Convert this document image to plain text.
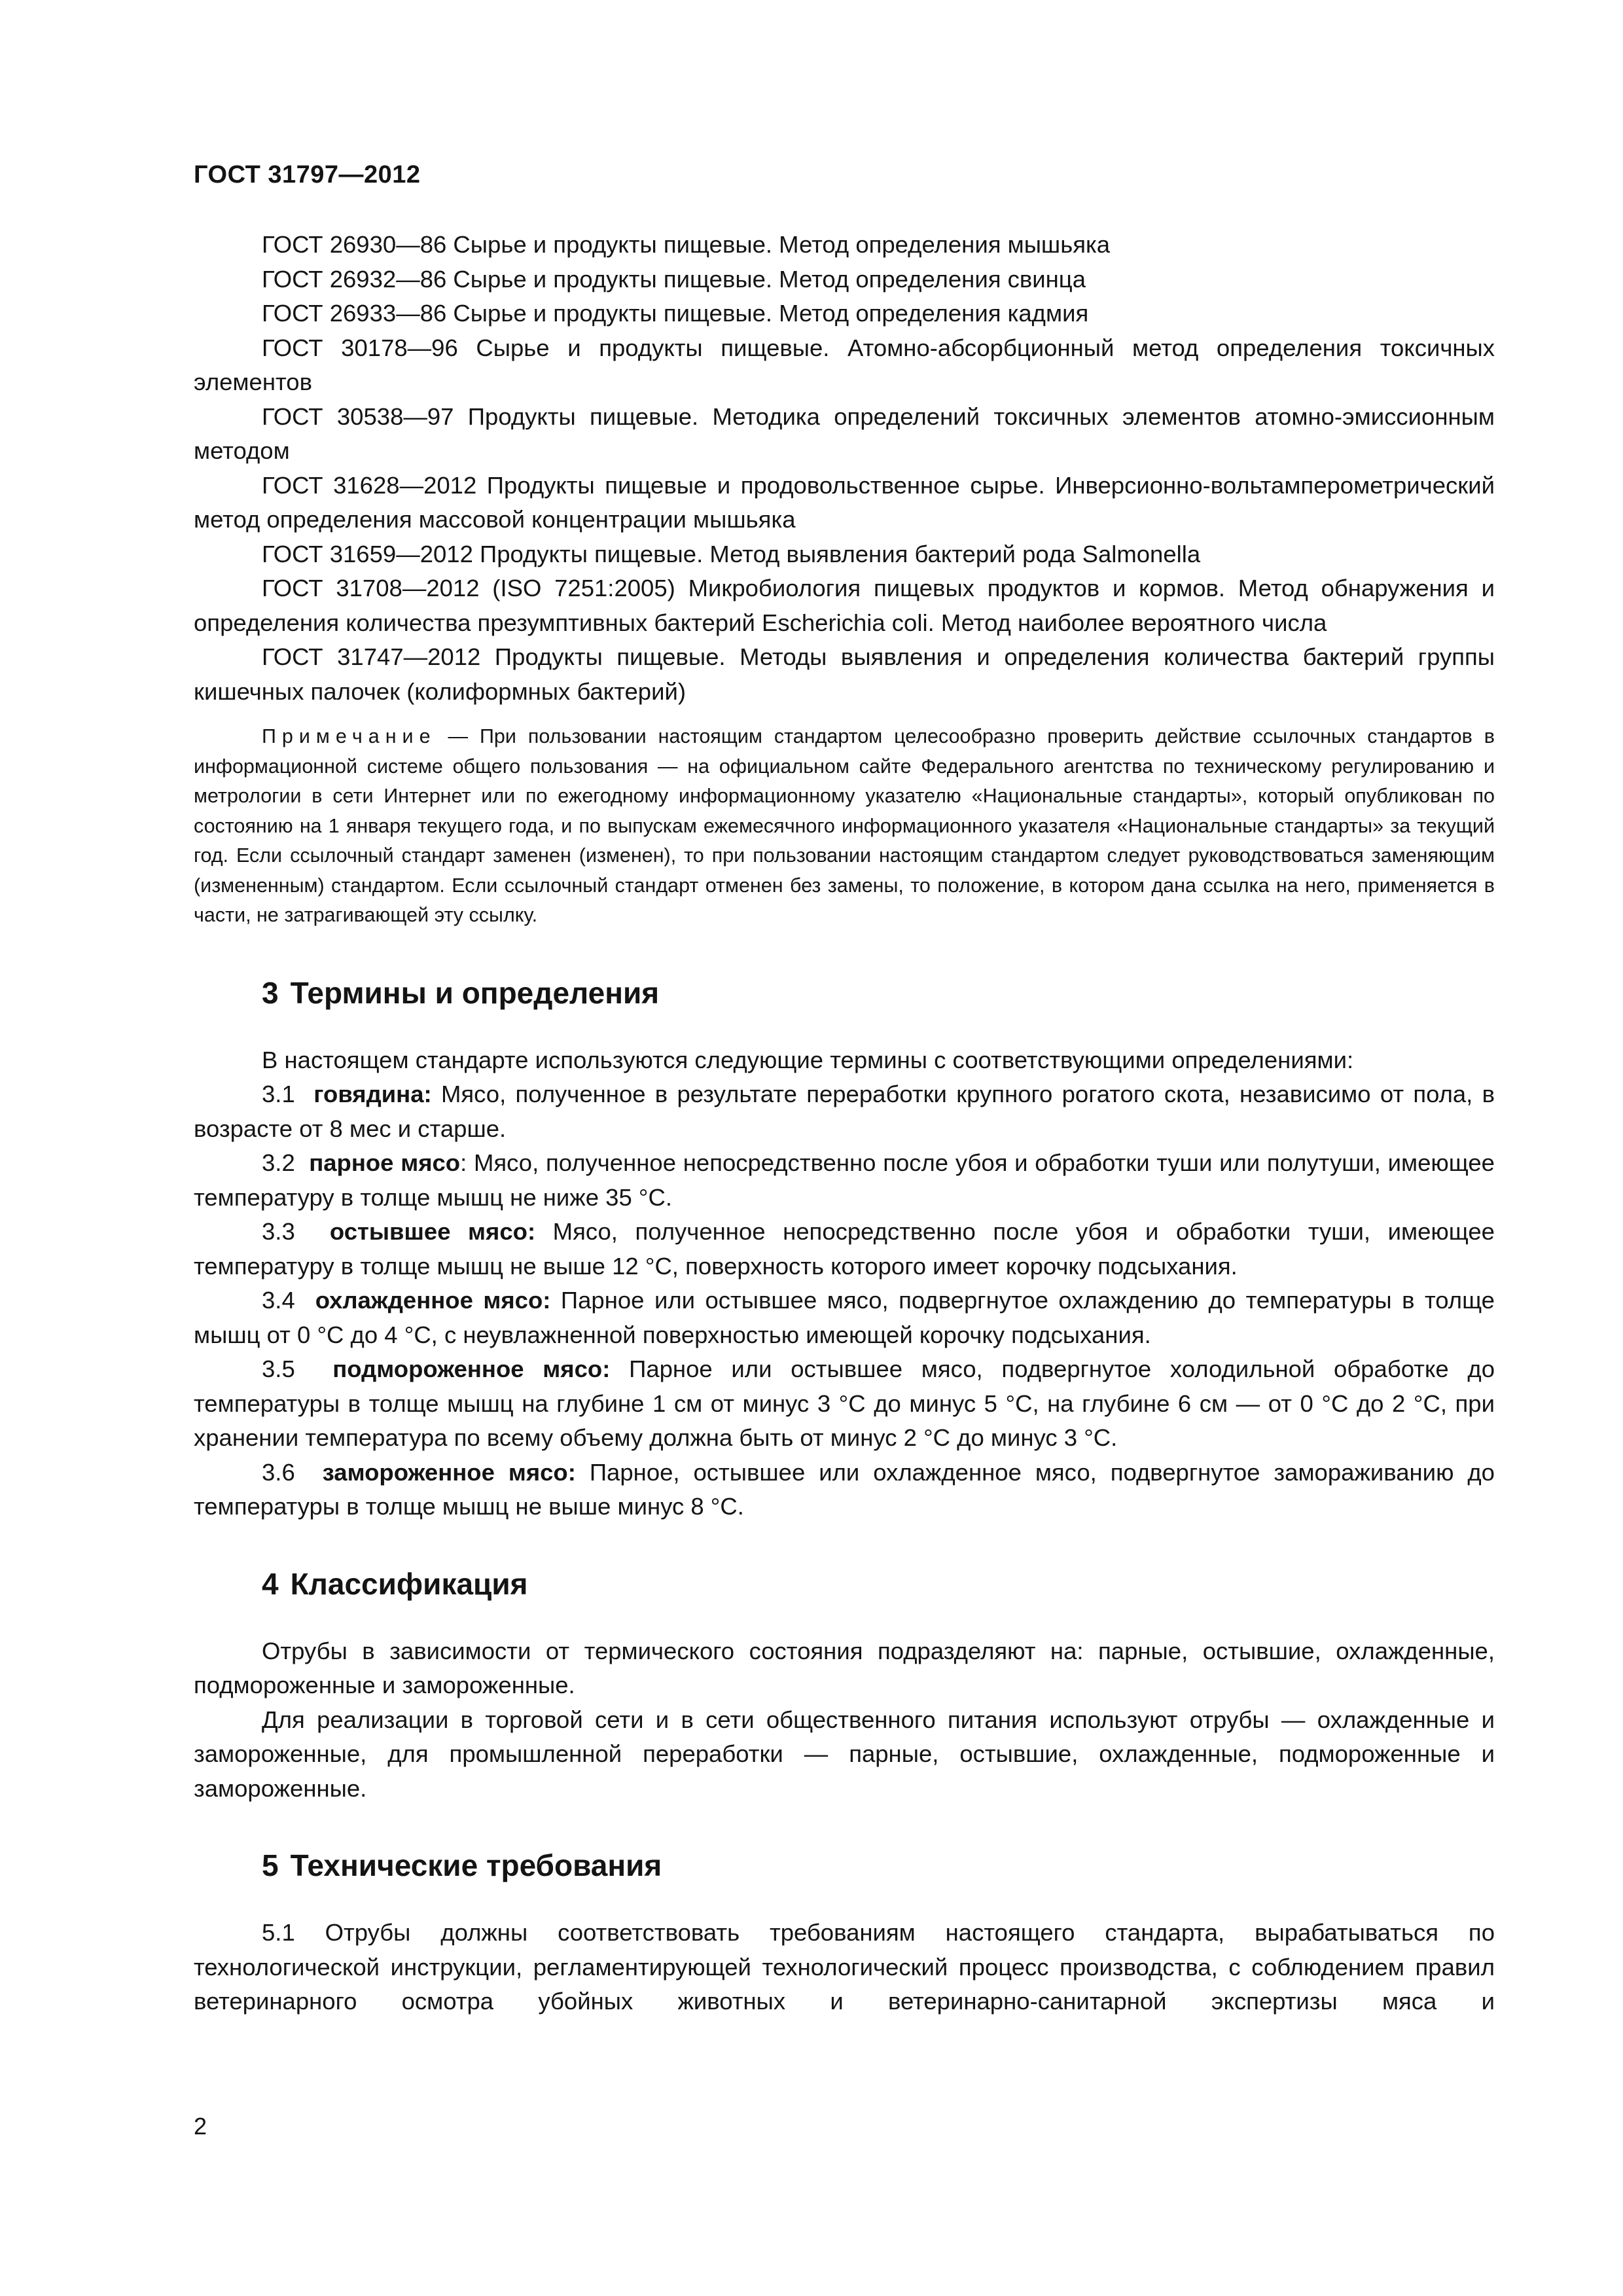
ГОСТ 31797—2012

ГОСТ 26930—86 Сырье и продукты пищевые. Метод определения мышьяка

ГОСТ 26932—86 Сырье и продукты пищевые. Метод определения свинца

ГОСТ 26933—86 Сырье и продукты пищевые. Метод определения кадмия

ГОСТ 30178—96 Сырье и продукты пищевые. Атомно-абсорбционный метод определения токсичных элементов

ГОСТ 30538—97 Продукты пищевые. Методика определений токсичных элементов атомно-эмиссионным методом

ГОСТ 31628—2012 Продукты пищевые и продовольственное сырье. Инверсионно-вольтамперометрический метод определения массовой концентрации мышьяка

ГОСТ 31659—2012 Продукты пищевые. Метод выявления бактерий рода Salmonella

ГОСТ 31708—2012 (ISO 7251:2005) Микробиология пищевых продуктов и кормов. Метод обнаружения и определения количества презумптивных бактерий Escherichia coli. Метод наиболее вероятного числа

ГОСТ 31747—2012 Продукты пищевые. Методы выявления и определения количества бактерий группы кишечных палочек (колиформных бактерий)

Примечание — При пользовании настоящим стандартом целесообразно проверить действие ссылочных стандартов в информационной системе общего пользования — на официальном сайте Федерального агентства по техническому регулированию и метрологии в сети Интернет или по ежегодному информационному указателю «Национальные стандарты», который опубликован по состоянию на 1 января текущего года, и по выпускам ежемесячного информационного указателя «Национальные стандарты» за текущий год. Если ссылочный стандарт заменен (изменен), то при пользовании настоящим стандартом следует руководствоваться заменяющим (измененным) стандартом. Если ссылочный стандарт отменен без замены, то положение, в котором дана ссылка на него, применяется в части, не затрагивающей эту ссылку.

3 Термины и определения

В настоящем стандарте используются следующие термины с соответствующими определениями:

3.1 говядина: Мясо, полученное в результате переработки крупного рогатого скота, независимо от пола, в возрасте от 8 мес и старше.

3.2 парное мясо: Мясо, полученное непосредственно после убоя и обработки туши или полутуши, имеющее температуру в толще мышц не ниже 35 °С.

3.3 остывшее мясо: Мясо, полученное непосредственно после убоя и обработки туши, имеющее температуру в толще мышц не выше 12 °С, поверхность которого имеет корочку подсыхания.

3.4 охлажденное мясо: Парное или остывшее мясо, подвергнутое охлаждению до температуры в толще мышц от 0 °С до 4 °С, с неувлажненной поверхностью имеющей корочку подсыхания.

3.5 подмороженное мясо: Парное или остывшее мясо, подвергнутое холодильной обработке до температуры в толще мышц на глубине 1 см от минус 3 °С до минус 5 °С, на глубине 6 см — от 0 °С до 2 °С, при хранении температура по всему объему должна быть от минус 2 °С до минус 3 °С.

3.6 замороженное мясо: Парное, остывшее или охлажденное мясо, подвергнутое замораживанию до температуры в толще мышц не выше минус 8 °С.

4 Классификация

Отрубы в зависимости от термического состояния подразделяют на: парные, остывшие, охлажденные, подмороженные и замороженные.

Для реализации в торговой сети и в сети общественного питания используют отрубы — охлажденные и замороженные, для промышленной переработки — парные, остывшие, охлажденные, подмороженные и замороженные.

5 Технические требования

5.1 Отрубы должны соответствовать требованиям настоящего стандарта, вырабатываться по технологической инструкции, регламентирующей технологический процесс производства, с соблюдением правил ветеринарного осмотра убойных животных и ветеринарно-санитарной экспертизы мяса и

2
